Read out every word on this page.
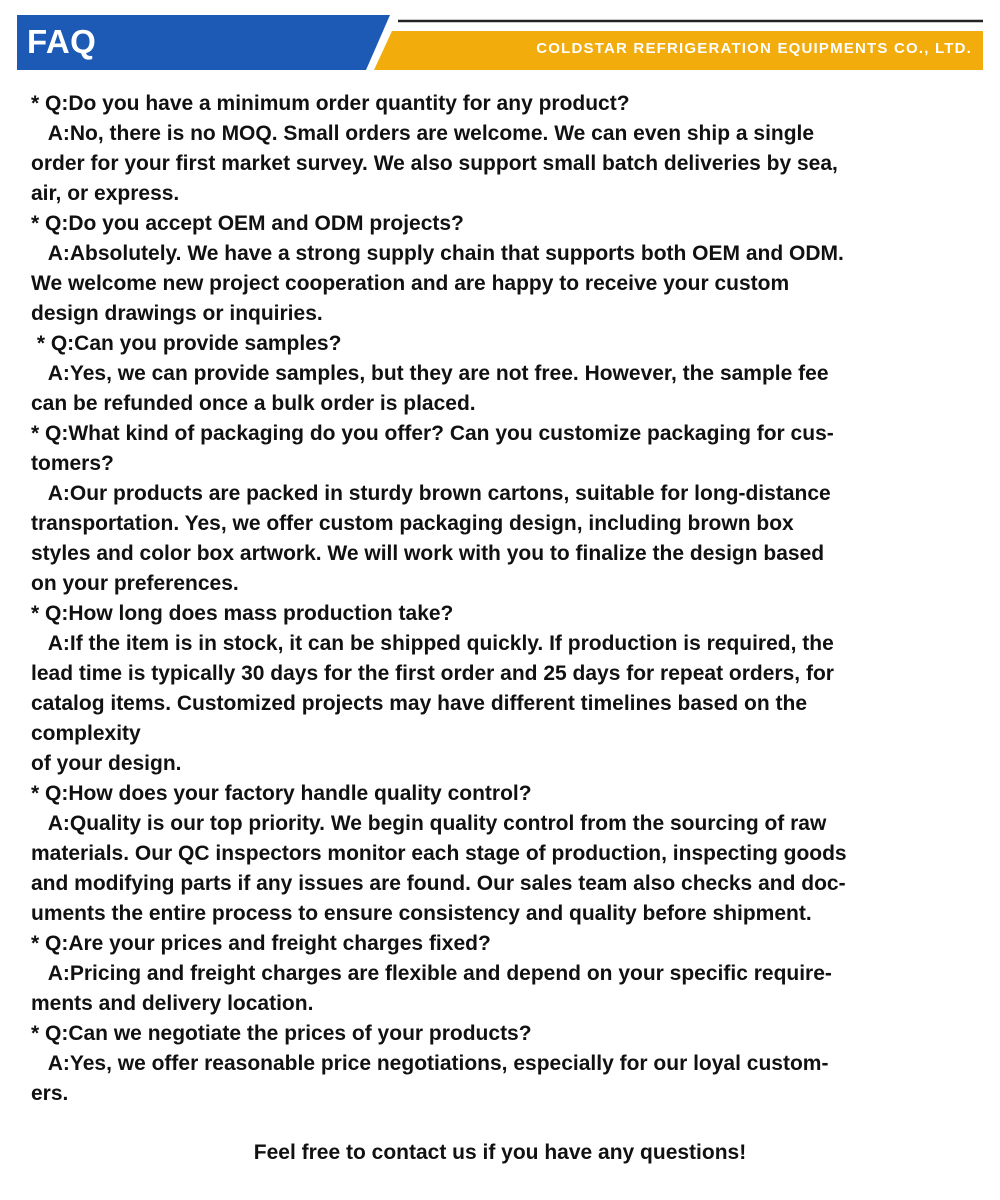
FAQ	COLDSTAR REFRIGERATION EQUIPMENTS CO., LTD.
* Q:Do you have a minimum order quantity for any product?
A:No, there is no MOQ. Small orders are welcome. We can even ship a single
order for your first market survey. We also support small batch deliveries by sea,
air, or express.
* Q:Do you accept OEM and ODM projects?
A:Absolutely. We have a strong supply chain that supports both OEM and ODM.
We welcome new project cooperation and are happy to receive your custom
design drawings or inquiries.
* Q:Can you provide samples?
A:Yes, we can provide samples, but they are not free. However, the sample fee
can be refunded once a bulk order is placed.
* Q:What kind of packaging do you offer? Can you customize packaging for cus-
tomers?
A:Our products are packed in sturdy brown cartons, suitable for long-distance
transportation. Yes, we offer custom packaging design, including brown box
styles and color box artwork. We will work with you to finalize the design based
on your preferences.
* Q:How long does mass production take?
A:If the item is in stock, it can be shipped quickly. If production is required, the
lead time is typically 30 days for the first order and 25 days for repeat orders, for
catalog items. Customized projects may have different timelines based on the
complexity
of your design.
* Q:How does your factory handle quality control?
A:Quality is our top priority. We begin quality control from the sourcing of raw
materials. Our QC inspectors monitor each stage of production, inspecting goods
and modifying parts if any issues are found. Our sales team also checks and doc-
uments the entire process to ensure consistency and quality before shipment.
* Q:Are your prices and freight charges fixed?
A:Pricing and freight charges are flexible and depend on your specific require-
ments and delivery location.
* Q:Can we negotiate the prices of your products?
A:Yes, we offer reasonable price negotiations, especially for our loyal custom-
ers.
Feel free to contact us if you have any questions!
